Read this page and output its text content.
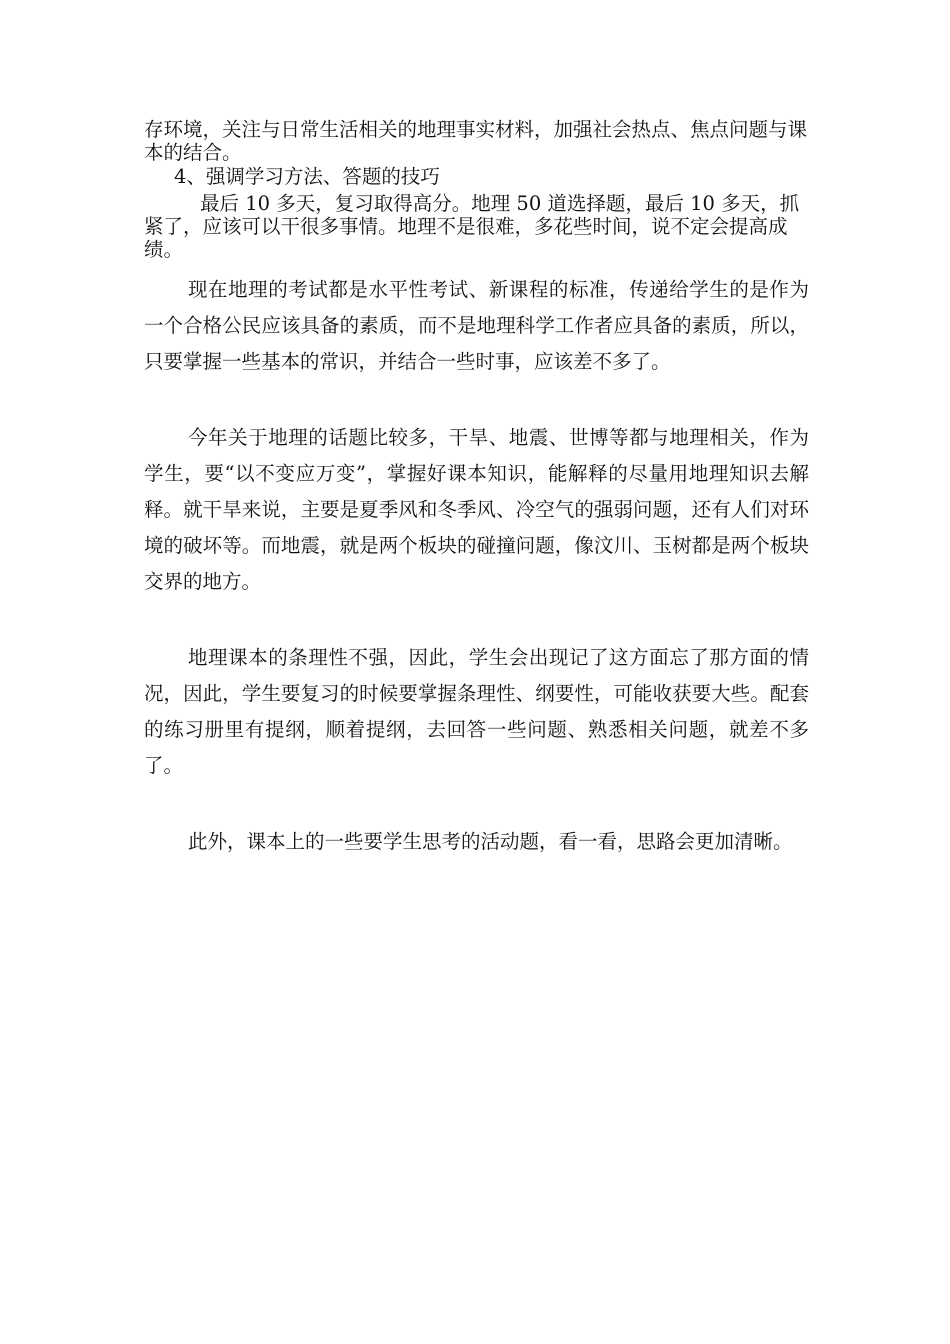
存环境，关注与日常生活相关的地理事实材料，加强社会热点、焦点问题与课本的结合。

4、强调学习方法、答题的技巧

最后 10 多天，复习取得高分。地理 50 道选择题，最后 10 多天，抓紧了，应该可以干很多事情。地理不是很难，多花些时间，说不定会提高成绩。

现在地理的考试都是水平性考试、新课程的标准，传递给学生的是作为一个合格公民应该具备的素质，而不是地理科学工作者应具备的素质，所以，只要掌握一些基本的常识，并结合一些时事，应该差不多了。

今年关于地理的话题比较多，干旱、地震、世博等都与地理相关，作为学生，要“以不变应万变”，掌握好课本知识，能解释的尽量用地理知识去解释。就干旱来说，主要是夏季风和冬季风、冷空气的强弱问题，还有人们对环境的破坏等。而地震，就是两个板块的碰撞问题，像汶川、玉树都是两个板块交界的地方。

地理课本的条理性不强，因此，学生会出现记了这方面忘了那方面的情况，因此，学生要复习的时候要掌握条理性、纲要性，可能收获要大些。配套的练习册里有提纲，顺着提纲，去回答一些问题、熟悉相关问题，就差不多了。

此外，课本上的一些要学生思考的活动题，看一看，思路会更加清晰。
